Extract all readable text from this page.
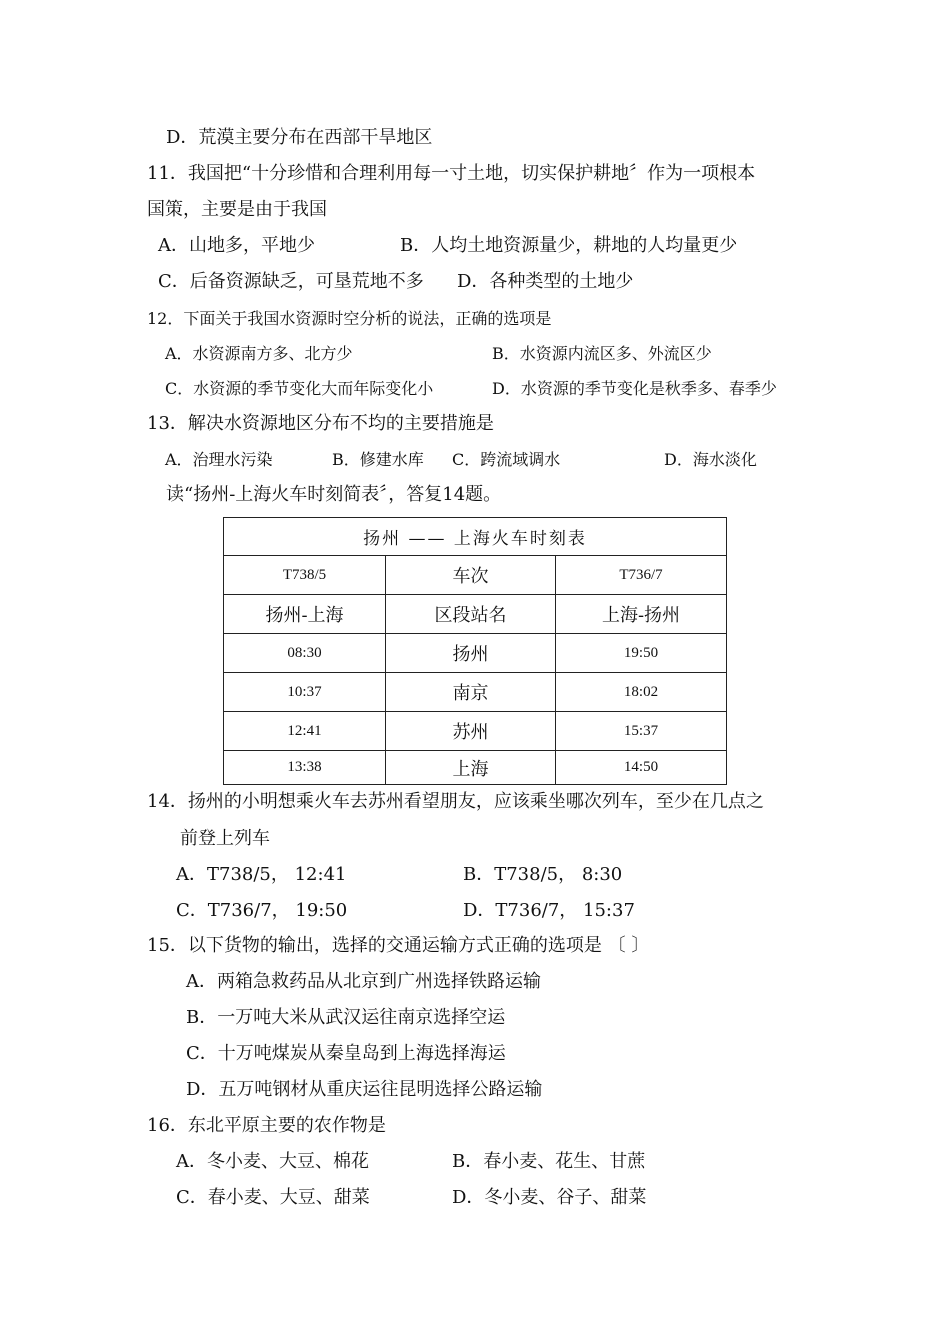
D．荒漠主要分布在西部干旱地区
11．我国把“十分珍惜和合理利用每一寸土地，切实保护耕地〞作为一项根本
国策，主要是由于我国
A．山地多，平地少	B．人均土地资源量少，耕地的人均量更少
C．后备资源缺乏，可垦荒地不多 D．各种类型的土地少
12．下面关于我国水资源时空分析的说法，正确的选项是
A．水资源南方多、北方少	B．水资源内流区多、外流区少
C．水资源的季节变化大而年际变化小	D．水资源的季节变化是秋季多、春季少
13．解决水资源地区分布不均的主要措施是
A．治理水污染	B．修建水库 C．跨流域调水	D．海水淡化
读“扬州-上海火车时刻简表〞，答复14题。
扬州 —— 上海火车时刻表		
T738/5	车次	T736/7
扬州-上海	区段站名	上海-扬州
08:30	扬州	19:50
10:37	南京	18:02
12:41	苏州	15:37
13:38	上海	14:50
14．扬州的小明想乘火车去苏州看望朋友，应该乘坐哪次列车，至少在几点之
前登上列车
A．T738/5， 12:41	B．T738/5， 8:30
C．T736/7， 19:50	D．T736/7， 15:37
15．以下货物的输出，选择的交通运输方式正确的选项是 〔 〕
A．两箱急救药品从北京到广州选择铁路运输
B．一万吨大米从武汉运往南京选择空运
C．十万吨煤炭从秦皇岛到上海选择海运
D．五万吨钢材从重庆运往昆明选择公路运输
16．东北平原主要的农作物是
A．冬小麦、大豆、棉花	B．春小麦、花生、甘蔗
C．春小麦、大豆、甜菜	D．冬小麦、谷子、甜菜
